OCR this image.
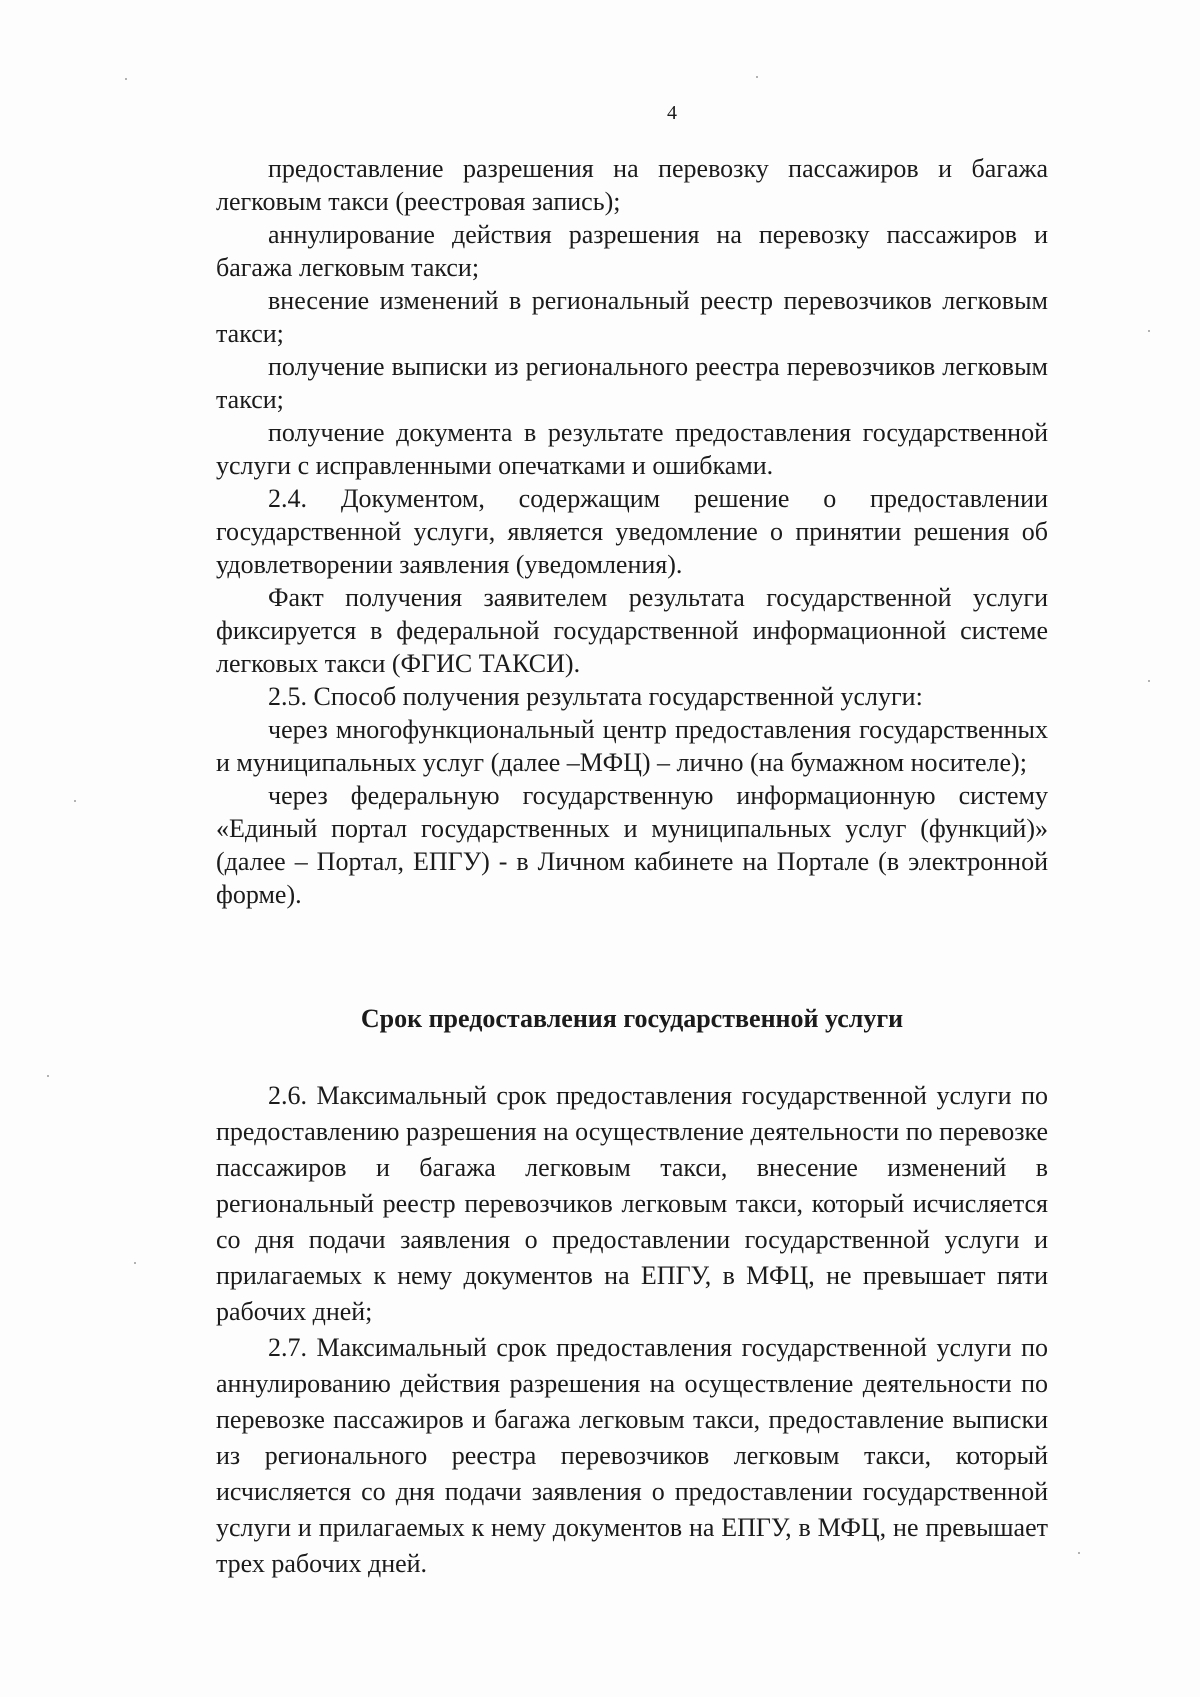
4

предоставление разрешения на перевозку пассажиров и багажа легковым такси (реестровая запись);

аннулирование действия разрешения на перевозку пассажиров и багажа легковым такси;

внесение изменений в региональный реестр перевозчиков легковым такси;

получение выписки из регионального реестра перевозчиков легковым такси;

получение документа в результате предоставления государственной услуги с исправленными опечатками и ошибками.

2.4. Документом, содержащим решение о предоставлении государственной услуги, является уведомление о принятии решения об удовлетворении заявления (уведомления).

Факт получения заявителем результата государственной услуги фиксируется в федеральной государственной информационной системе легковых такси (ФГИС ТАКСИ).

2.5. Способ получения результата государственной услуги:

через многофункциональный центр предоставления государственных и муниципальных услуг (далее –МФЦ) – лично (на бумажном носителе);

через федеральную государственную информационную систему «Единый портал государственных и муниципальных услуг (функций)» (далее – Портал, ЕПГУ) - в Личном кабинете на Портале (в электронной форме).

Срок предоставления государственной услуги

2.6. Максимальный срок предоставления государственной услуги по предоставлению разрешения на осуществление деятельности по перевозке пассажиров и багажа легковым такси, внесение изменений в региональный реестр перевозчиков легковым такси, который исчисляется со дня подачи заявления о предоставлении государственной услуги и прилагаемых к нему документов на ЕПГУ, в МФЦ, не превышает пяти рабочих дней;

2.7. Максимальный срок предоставления государственной услуги по аннулированию действия разрешения на осуществление деятельности по перевозке пассажиров и багажа легковым такси, предоставление выписки из регионального реестра перевозчиков легковым такси, который исчисляется со дня подачи заявления о предоставлении государственной услуги и прилагаемых к нему документов на ЕПГУ, в МФЦ, не превышает трех рабочих дней.
